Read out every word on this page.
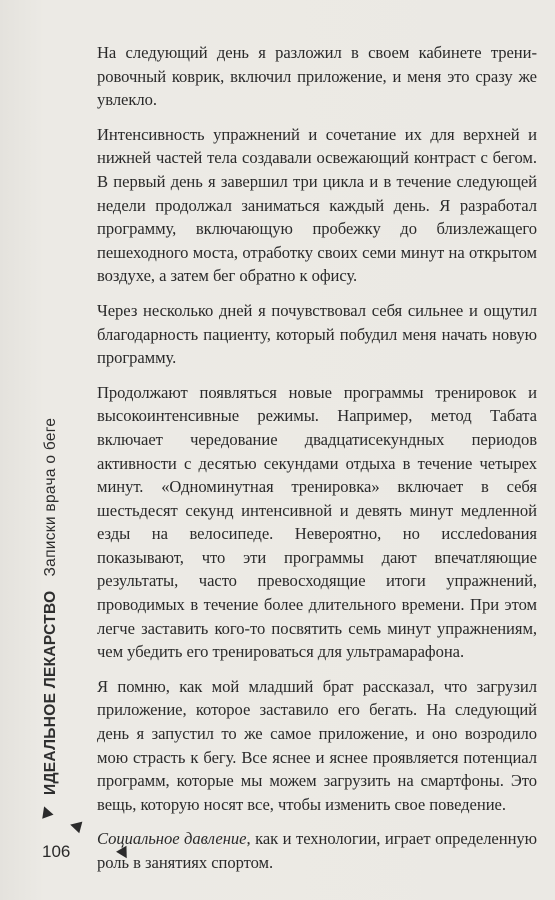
На следующий день я разложил в своем кабинете тренировочный коврик, включил приложение, и меня это сразу же увлекло.

Интенсивность упражнений и сочетание их для верхней и нижней частей тела создавали освежающий контраст с бегом. В первый день я завершил три цикла и в течение следующей недели продолжал заниматься каждый день. Я разработал программу, включающую пробежку до близлежащего пешеходного моста, отработку своих семи минут на открытом воздухе, а затем бег обратно к офису.

Через несколько дней я почувствовал себя сильнее и ощутил благодарность пациенту, который побудил меня начать новую программу.

Продолжают появляться новые программы тренировок и высокоинтенсивные режимы. Например, метод Табата включает чередование двадцатисекундных периодов активности с десятью секундами отдыха в течение четырех минут. «Одноминутная тренировка» включает в себя шестьдесят секунд интенсивной и девять минут медленной езды на велосипеде. Невероятно, но исслеdования показывают, что эти программы дают впечатляющие результаты, часто превосходящие итоги упражнений, проводимых в течение более длительного времени. При этом легче заставить кого-то посвятить семь минут упражнениям, чем убедить его тренироваться для ультрамарафона.

Я помню, как мой младший брат рассказал, что загрузил приложение, которое заставило его бегать. На следующий день я запустил то же самое приложение, и оно возродило мою страсть к бегу. Все яснее и яснее проявляется потенциал программ, которые мы можем загрузить на смартфоны. Это вещь, которую носят все, чтобы изменить свое поведение.

Социальное давление, как и технологии, играет определенную роль в занятиях спортом.

ИДЕАЛЬНОЕ ЛЕКАРСТВОЗаписки врача о беге
106
